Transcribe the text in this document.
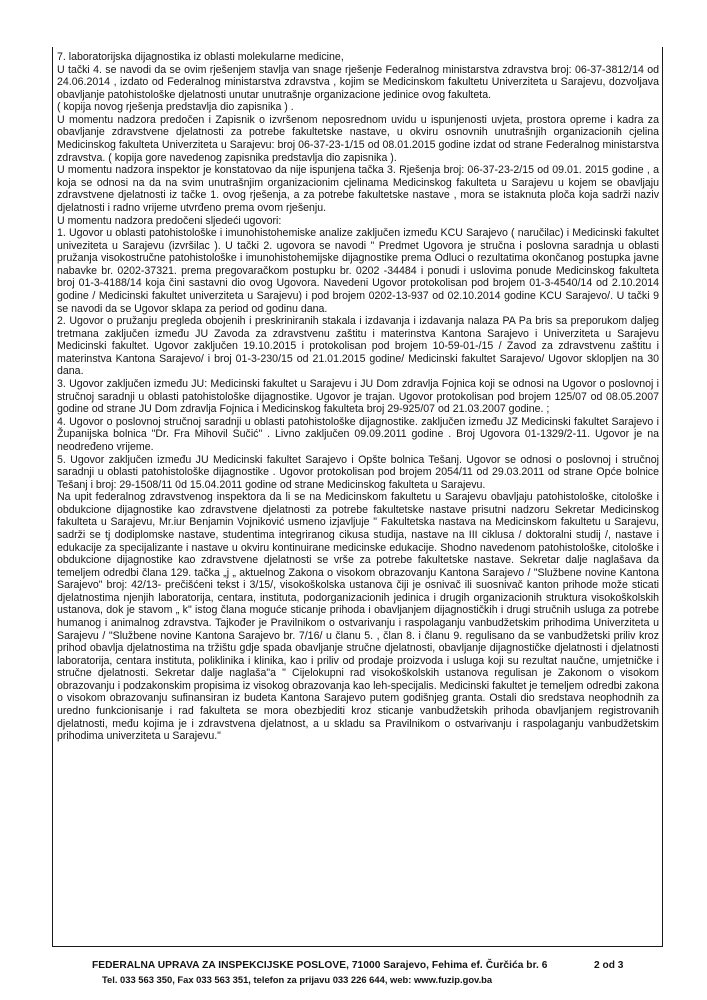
7. laboratorijska dijagnostika iz oblasti molekularne medicine,

U tački 4. se navodi da se ovim rješenjem stavlja van snage rješenje Federalnog ministarstva zdravstva broj: 06-37-3812/14 od 24.06.2014 , izdato od Federalnog ministarstva zdravstva , kojim se Medicinskom fakultetu Univerziteta u Sarajevu, dozvoljava obavljanje patohistološke djelatnosti unutar unutrašnje organizacione jedinice ovog fakulteta.

( kopija novog rješenja predstavlja dio zapisnika ) .

U momentu nadzora predočen i Zapisnik o izvršenom neposrednom uvidu u ispunjenosti uvjeta, prostora opreme i kadra za obavljanje zdravstvene djelatnosti za potrebe fakultetske nastave, u okviru osnovnih unutrašnjih organizacionih cjelina Medicinskog fakulteta Univerziteta u Sarajevu: broj 06-37-23-1/15 od 08.01.2015 godine izdat od strane Federalnog ministarstva zdravstva. ( kopija gore navedenog zapisnika predstavlja dio zapisnika ).

U momentu nadzora inspektor je konstatovao da nije ispunjena tačka 3. Rješenja broj: 06-37-23-2/15 od 09.01. 2015 godine , a koja se odnosi na da na svim unutrašnjim organizacionim cjelinama Medicinskog fakulteta u Sarajevu u kojem se obavljaju zdravstvene djelatnosti iz tačke 1. ovog rješenja, a za potrebe fakultetske nastave , mora se istaknuta ploča koja sadrži naziv djelatnosti i radno vrijeme utvrđeno prema ovom rješenju.

U momentu nadzora predočeni sljedeći ugovori:

1. Ugovor u oblasti patohistološke i imunohistohemiske analize zaključen između KCU Sarajevo ( naručilac) i Medicinski fakultet univeziteta u Sarajevu (izvršilac ). U tački 2. ugovora se navodi " Predmet Ugovora je stručna i poslovna saradnja u oblasti pružanja visokostručne patohistološke i imunohistohemijske dijagnostike prema Odluci o rezultatima okončanog postupka javne nabavke br. 0202-37321. prema pregovaračkom postupku br. 0202 -34484 i ponudi i uslovima ponude Medicinskog fakulteta broj 01-3-4188/14 koja čini sastavni dio ovog Ugovora. Navedeni Ugovor protokolisan pod brojem 01-3-4540/14 od 2.10.2014 godine / Medicinski fakultet univerziteta u Sarajevu) i pod brojem 0202-13-937 od 02.10.2014 godine KCU Sarajevo/. U tački 9 se navodi da se Ugovor sklapa za period od godinu dana.

2. Ugovor o pružanju pregleda obojenih i preskriniranih stakala i izdavanja i izdavanja nalaza PA Pa bris sa preporukom daljeg tretmana zaključen između JU Zavoda za zdravstvenu zaštitu i materinstva Kantona Sarajevo i Univerziteta u Sarajevu Medicinski fakultet. Ugovor zaključen 19.10.2015 i protokolisan pod brojem 10-59-01-/15 / Zavod za zdravstvenu zaštitu i materinstva Kantona Sarajevo/ i broj 01-3-230/15 od 21.01.2015 godine/ Medicinski fakultet Sarajevo/ Ugovor skloplјen na 30 dana.

3. Ugovor zaključen između JU: Medicinski fakultet u Sarajevu i JU Dom zdravlja Fojnica koji se odnosi na Ugovor o poslovnoj i stručnoj saradnji u oblasti patohistološke dijagnostike. Ugovor je trajan. Ugovor protokolisan pod brojem 125/07 od 08.05.2007 godine od strane JU Dom zdravlja Fojnica i Medicinskog fakulteta broj 29-925/07 od 21.03.2007 godine. ;

4. Ugovor o poslovnoj stručnoj saradnji u oblasti patohistološke dijagnostike. zaključen između JZ Medicinski fakultet Sarajevo i Županijska bolnica "Dr. Fra Mihovil Sučić" . Livno zaključen 09.09.2011 godine . Broj Ugovora 01-1329/2-11. Ugovor je na neodređeno vrijeme.

5. Ugovor zaključen između JU Medicinski fakultet Sarajevo i Opšte bolnica Tešanj. Ugovor se odnosi o poslovnoj i stručnoj saradnji u oblasti patohistološke dijagnostike . Ugovor protokolisan pod brojem 2054/11 od 29.03.2011 od strane Opće bolnice Tešanj i broj: 29-1508/11 0d 15.04.2011 godine od strane Medicinskog fakulteta u Sarajevu.

Na upit federalnog zdravstvenog inspektora da li se na Medicinskom fakultetu u Sarajevu obavljaju patohistološke, citološke i obdukcione dijagnostike kao zdravstvene djelatnosti za potrebe fakultetske nastave prisutni nadzoru Sekretar Medicinskog fakulteta u Sarajevu, Mr.iur Benjamin Vojniković usmeno izjavljuje " Fakultetska nastava na Medicinskom fakultetu u Sarajevu, sadrži se tj dodiplomske nastave, studentima integriranog cikusa studija, nastave na III ciklusa / doktoralni studij /, nastave i edukacije za specijalizante i nastave u okviru kontinuirane medicinske edukacije. Shodno navedenom patohistološke, citološke i obdukcione dijagnostike kao zdravstvene djelatnosti se vrše za potrebe fakultetske nastave. Sekretar dalje naglašava da temeljem odredbi člana 129. tačka „j „ aktuelnog Zakona o visokom obrazovanju Kantona Sarajevo / "Službene novine Kantona Sarajevo" broj: 42/13- prečišćeni tekst i 3/15/, visokoškolska ustanova čiji je osnivač ili suosnivač kanton prihode može sticati djelatnostima njenjih laboratorija, centara, instituta, podorganizacionih jedinica i drugih organizacionih struktura visokoškolskih ustanova, dok je stavom „ k" istog člana moguće sticanje prihoda i obavljanjem dijagnostičkih i drugi stručnih usluga za potrebe humanog i animalnog zdravstva. Tajkođer je Pravilnikom o ostvarivanju i raspolaganju vanbudžetskim prihodima Univerziteta u Sarajevu / "Službene novine Kantona Sarajevo br. 7/16/ u članu 5. , član 8. i članu 9. regulisano da se vanbudžetski priliv kroz prihod obavlja djelatnostima na tržištu gdje spada obavljanje stručne djelatnosti, obavljanje dijagnostičke djelatnosti i djelatnosti laboratorija, centara instituta, poliklinika i klinika, kao i priliv od prodaje proizvoda i usluga koji su rezultat naučne, umjetničke i stručne djelatnosti. Sekretar dalje naglaša"a " Cijelokupni rad visokoškolskih ustanova regulisan je Zakonom o visokom obrazovanju i podzakonskim propisima iz visokog obrazovanja kao leh-specijalis. Medicinski fakultet je temeljem odredbi zakona o visokom obrazovanju sufinansiran iz budeta Kantona Sarajevo putem godišnjeg granta. Ostali dio sredstava neophodnih za uredno funkcionisanje i rad fakulteta se mora obezbjediti kroz sticanje vanbudžetskih prihoda obavljanjem registrovanih djelatnosti, među kojima je i zdravstvena djelatnost, a u skladu sa Pravilnikom o ostvarivanju i raspolaganju vanbudžetskim prihodima univerziteta u Sarajevu."

FEDERALNA UPRAVA ZA INSPEKCIJSKE POSLOVE, 71000 Sarajevo, Fehima ef. Čurčića br. 6	2 od 3
Tel. 033 563 350, Fax 033 563 351, telefon za prijavu 033 226 644, web: www.fuzip.gov.ba
